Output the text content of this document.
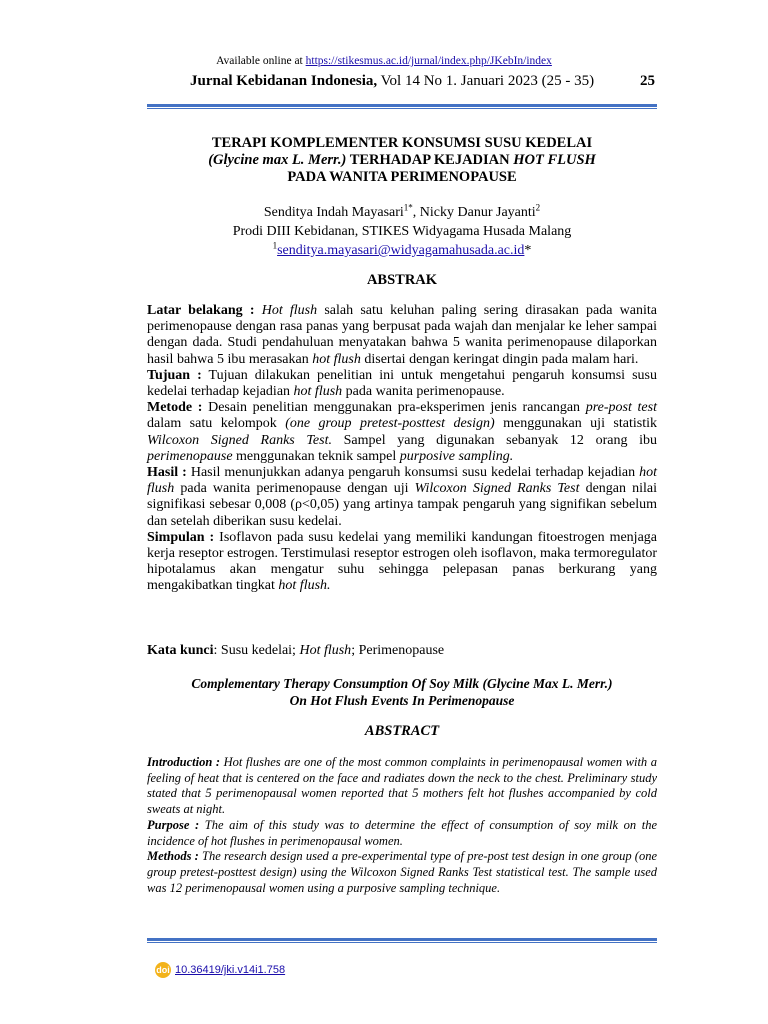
Available online at https://stikesmus.ac.id/jurnal/index.php/JKebIn/index
Jurnal Kebidanan Indonesia, Vol 14 No 1. Januari 2023 (25 - 35)	25
TERAPI KOMPLEMENTER KONSUMSI SUSU KEDELAI
(Glycine max L. Merr.) TERHADAP KEJADIAN HOT FLUSH
PADA WANITA PERIMENOPAUSE
Senditya Indah Mayasari$^{1*}$, Nicky Danur Jayanti$^2$
Prodi DIII Kebidanan, STIKES Widyagama Husada Malang
$^1$senditya.mayasari@widyagamahusada.ac.id*
ABSTRAK

Latar belakang : Hot flush salah satu keluhan paling sering dirasakan pada wanita perimenopause dengan rasa panas yang berpusat pada wajah dan menjalar ke leher sampai dengan dada. Studi pendahuluan menyatakan bahwa 5 wanita perimenopause dilaporkan hasil bahwa 5 ibu merasakan hot flush disertai dengan keringat dingin pada malam hari.

Tujuan : Tujuan dilakukan penelitian ini untuk mengetahui pengaruh konsumsi susu kedelai terhadap kejadian hot flush pada wanita perimenopause.

Metode : Desain penelitian menggunakan pra-eksperimen jenis rancangan pre-post test dalam satu kelompok (one group pretest-posttest design) menggunakan uji statistik Wilcoxon Signed Ranks Test. Sampel yang digunakan sebanyak 12 orang ibu perimenopause menggunakan teknik sampel purposive sampling.

Hasil : Hasil menunjukkan adanya pengaruh konsumsi susu kedelai terhadap kejadian hot flush pada wanita perimenopause dengan uji Wilcoxon Signed Ranks Test dengan nilai signifikasi sebesar 0,008 (ρ<0,05) yang artinya tampak pengaruh yang signifikan sebelum dan setelah diberikan susu kedelai.

Simpulan : Isoflavon pada susu kedelai yang memiliki kandungan fitoestrogen menjaga kerja reseptor estrogen. Terstimulasi reseptor estrogen oleh isoflavon, maka termoregulator hipotalamus akan mengatur suhu sehingga pelepasan panas berkurang yang mengakibatkan tingkat hot flush.

Kata kunci: Susu kedelai; Hot flush; Perimenopause
Complementary Therapy Consumption Of Soy Milk (Glycine Max L. Merr.)
On Hot Flush Events In Perimenopause
ABSTRACT

Introduction : Hot flushes are one of the most common complaints in perimenopausal women with a feeling of heat that is centered on the face and radiates down the neck to the chest. Preliminary study stated that 5 perimenopausal women reported that 5 mothers felt hot flushes accompanied by cold sweats at night.

Purpose : The aim of this study was to determine the effect of consumption of soy milk on the incidence of hot flushes in perimenopausal women.

Methods : The research design used a pre-experimental type of pre-post test design in one group (one group pretest-posttest design) using the Wilcoxon Signed Ranks Test statistical test. The sample used was 12 perimenopausal women using a purposive sampling technique.

doi 10.36419/jki.v14i1.758
